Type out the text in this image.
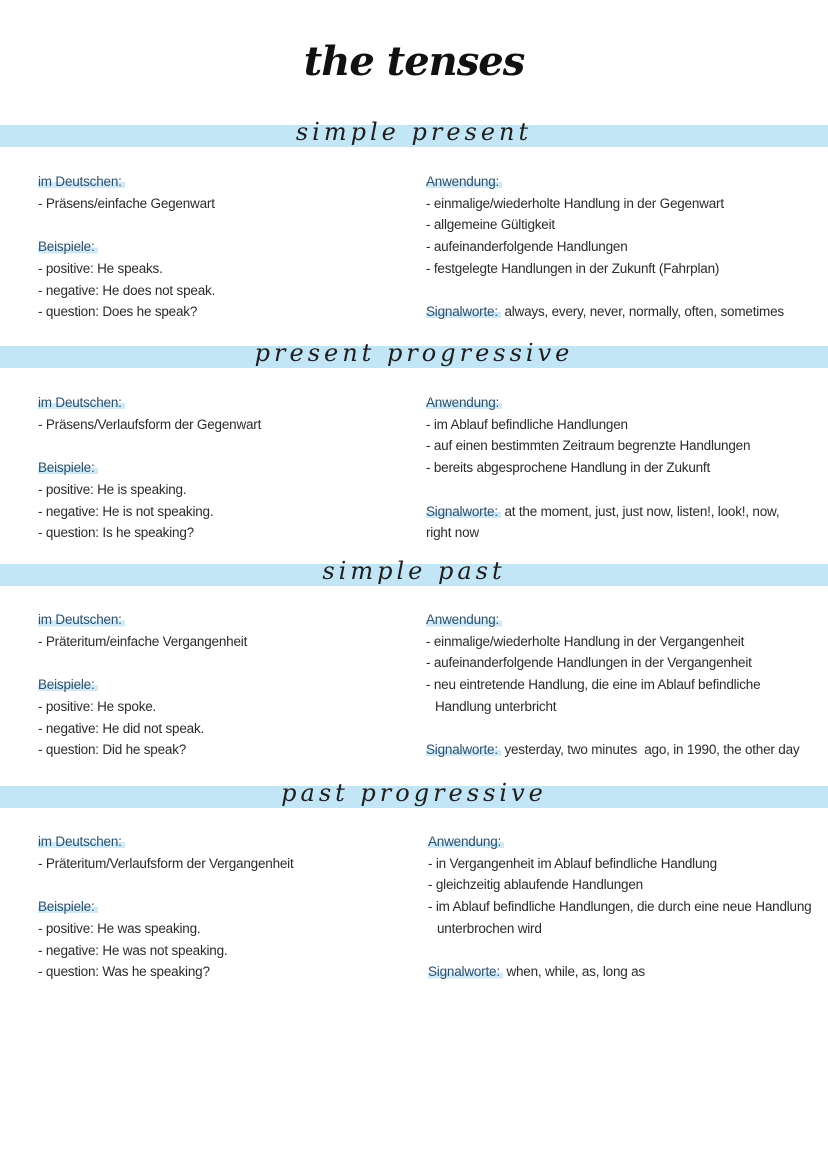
the tenses
simple present
im Deutschen:
- Präsens/einfache Gegenwart
Beispiele:
- positive: He speaks.
- negative: He does not speak.
- question: Does he speak?
Anwendung:
- einmalige/wiederholte Handlung in der Gegenwart
- allgemeine Gültigkeit
- aufeinanderfolgende Handlungen
- festgelegte Handlungen in der Zukunft (Fahrplan)
Signalworte: always, every, never, normally, often, sometimes
present progressive
im Deutschen:
- Präsens/Verlaufsform der Gegenwart
Beispiele:
- positive: He is speaking.
- negative: He is not speaking.
- question: Is he speaking?
Anwendung:
- im Ablauf befindliche Handlungen
- auf einen bestimmten Zeitraum begrenzte Handlungen
- bereits abgesprochene Handlung in der Zukunft
Signalworte: at the moment, just, just now, listen!, look!, now,
right now
simple past
im Deutschen:
- Präteritum/einfache Vergangenheit
Beispiele:
- positive: He spoke.
- negative: He did not speak.
- question: Did he speak?
Anwendung:
- einmalige/wiederholte Handlung in der Vergangenheit
- aufeinanderfolgende Handlungen in der Vergangenheit
- neu eintretende Handlung, die eine im Ablauf befindliche
Handlung unterbricht
Signalworte: yesterday, two minutes  ago, in 1990, the other day
past progressive
im Deutschen:
- Präteritum/Verlaufsform der Vergangenheit
Beispiele:
- positive: He was speaking.
- negative: He was not speaking.
- question: Was he speaking?
Anwendung:
- in Vergangenheit im Ablauf befindliche Handlung
- gleichzeitig ablaufende Handlungen
- im Ablauf befindliche Handlungen, die durch eine neue Handlung
unterbrochen wird
Signalworte: when, while, as, long as
